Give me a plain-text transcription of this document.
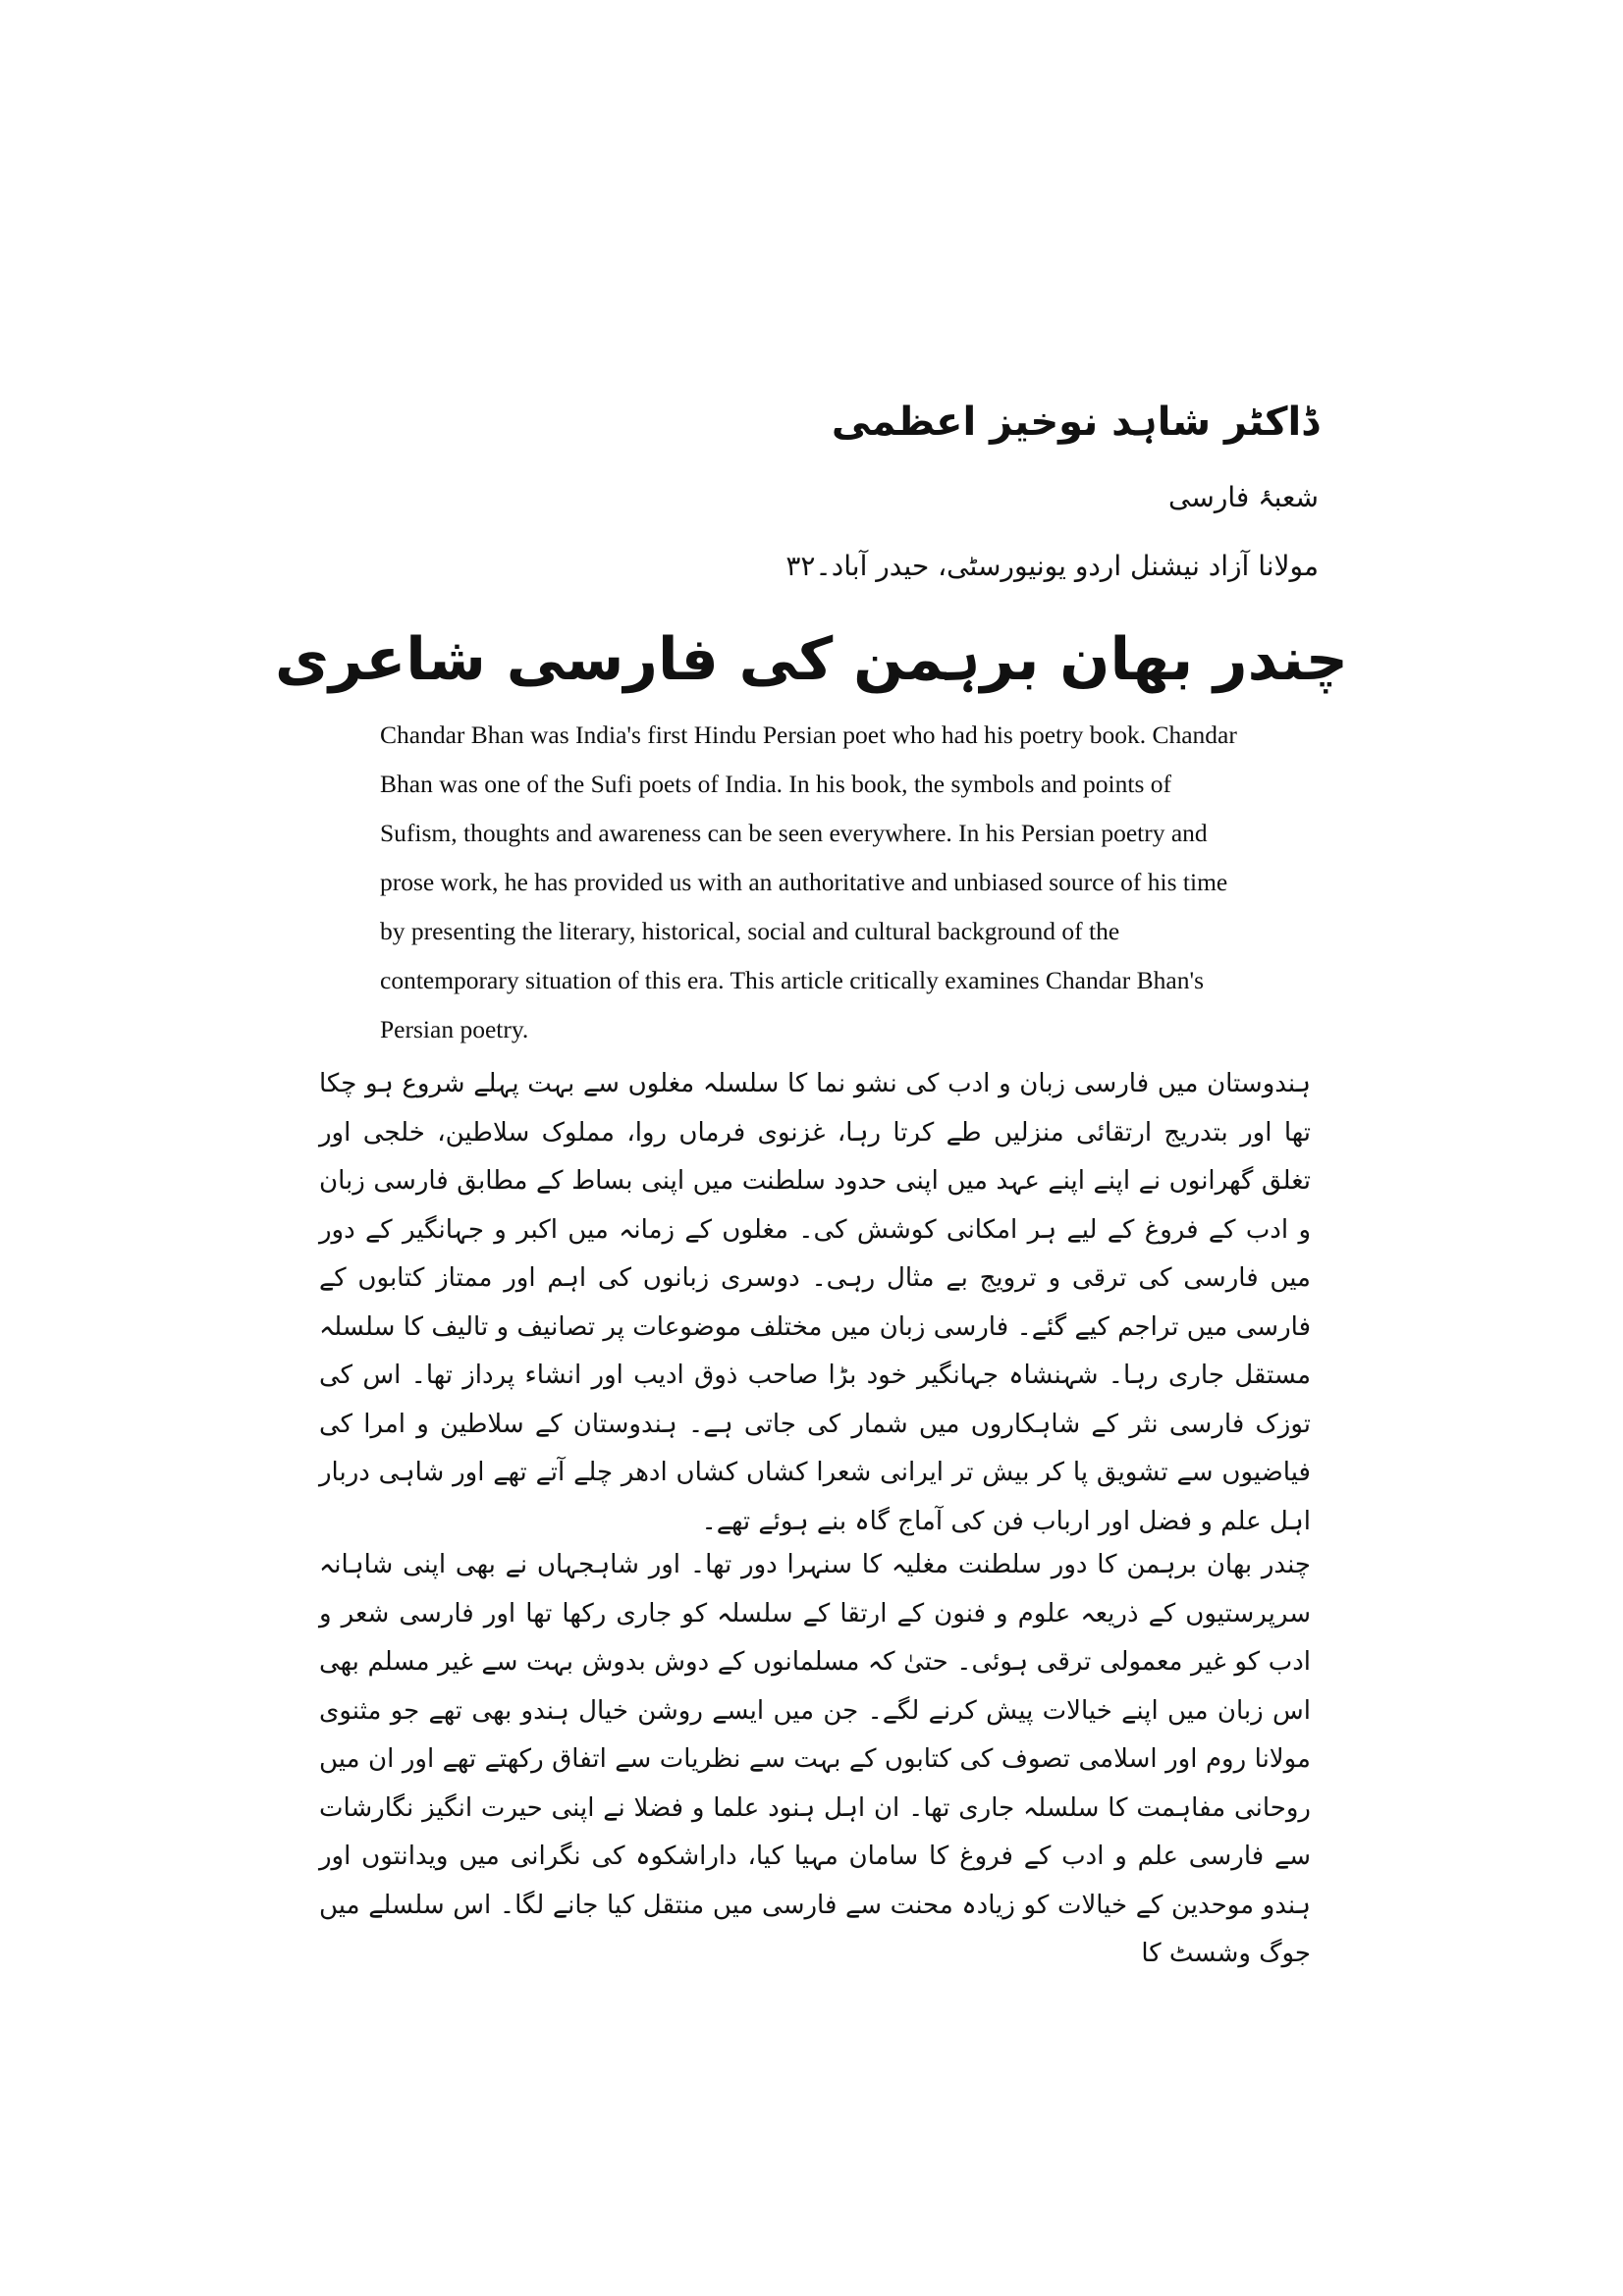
ڈاکٹر شاہد نوخیز اعظمی

شعبۂ فارسی

مولانا آزاد نیشنل اردو یونیورسٹی، حیدر آباد۔۳۲

چندر بھان برہمن کی فارسی شاعری

Chandar Bhan was India's first Hindu Persian poet who had his poetry book. Chandar Bhan was one of the Sufi poets of India. In his book, the symbols and points of Sufism, thoughts and awareness can be seen everywhere. In his Persian poetry and prose work, he has provided us with an authoritative and unbiased source of his time by presenting the literary, historical, social and cultural background of the contemporary situation of this era. This article critically examines Chandar Bhan's Persian poetry.

ہندوستان میں فارسی زبان و ادب کی نشو نما کا سلسلہ مغلوں سے بہت پہلے شروع ہو چکا تھا اور بتدریج ارتقائی منزلیں طے کرتا رہا، غزنوی فرماں روا، مملوک سلاطین، خلجی اور تغلق گھرانوں نے اپنے اپنے عہد میں اپنی حدود سلطنت میں اپنی بساط کے مطابق فارسی زبان و ادب کے فروغ کے لیے ہر امکانی کوشش کی۔ مغلوں کے زمانہ میں اکبر و جہانگیر کے دور میں فارسی کی ترقی و ترویج بے مثال رہی۔ دوسری زبانوں کی اہم اور ممتاز کتابوں کے فارسی میں تراجم کیے گئے۔ فارسی زبان میں مختلف موضوعات پر تصانیف و تالیف کا سلسلہ مستقل جاری رہا۔ شہنشاہ جہانگیر خود بڑا صاحب ذوق ادیب اور انشاء پرداز تھا۔ اس کی توزک فارسی نثر کے شاہکاروں میں شمار کی جاتی ہے۔ ہندوستان کے سلاطین و امرا کی فیاضیوں سے تشویق پا کر بیش تر ایرانی شعرا کشاں کشاں ادھر چلے آتے تھے اور شاہی دربار اہل علم و فضل اور ارباب فن کی آماج گاہ بنے ہوئے تھے۔

چندر بھان برہمن کا دور سلطنت مغلیہ کا سنہرا دور تھا۔ اور شاہجہاں نے بھی اپنی شاہانہ سرپرستیوں کے ذریعہ علوم و فنون کے ارتقا کے سلسلہ کو جاری رکھا تھا اور فارسی شعر و ادب کو غیر معمولی ترقی ہوئی۔ حتیٰ کہ مسلمانوں کے دوش بدوش بہت سے غیر مسلم بھی اس زبان میں اپنے خیالات پیش کرنے لگے۔ جن میں ایسے روشن خیال ہندو بھی تھے جو مثنوی مولانا روم اور اسلامی تصوف کی کتابوں کے بہت سے نظریات سے اتفاق رکھتے تھے اور ان میں روحانی مفاہمت کا سلسلہ جاری تھا۔ ان اہل ہنود علما و فضلا نے اپنی حیرت انگیز نگارشات سے فارسی علم و ادب کے فروغ کا سامان مہیا کیا، داراشکوہ کی نگرانی میں ویدانتوں اور ہندو موحدین کے خیالات کو زیادہ محنت سے فارسی میں منتقل کیا جانے لگا۔ اس سلسلے میں جوگ وشسٹ کا
